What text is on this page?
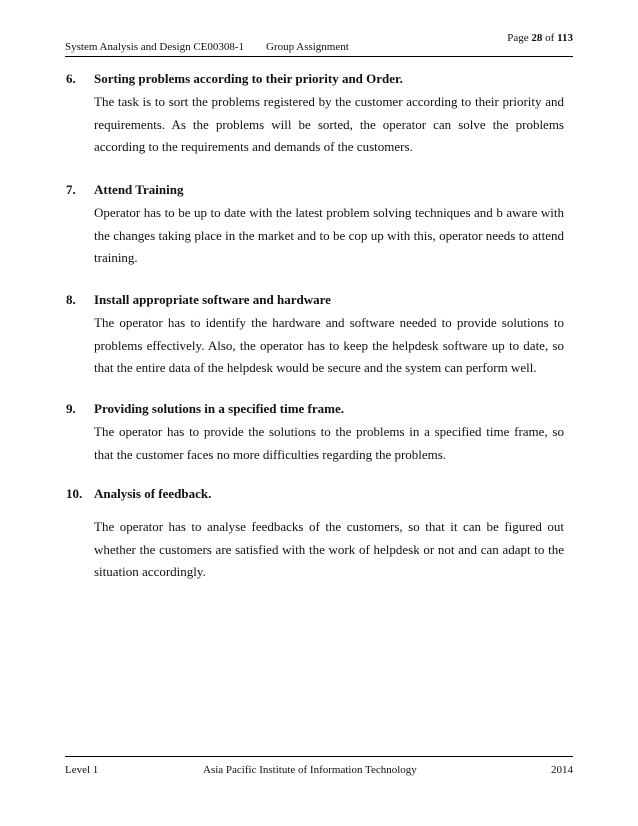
System Analysis and Design CE00308-1 Group Assignment
Page 28 of 113
6. Sorting problems according to their priority and Order.
The task is to sort the problems registered by the customer according to their priority and requirements. As the problems will be sorted, the operator can solve the problems according to the requirements and demands of the customers.
7. Attend Training
Operator has to be up to date with the latest problem solving techniques and b aware with the changes taking place in the market and to be cop up with this, operator needs to attend training.
8. Install appropriate software and hardware
The operator has to identify the hardware and software needed to provide solutions to problems effectively. Also, the operator has to keep the helpdesk software up to date, so that the entire data of the helpdesk would be secure and the system can perform well.
9. Providing solutions in a specified time frame.
The operator has to provide the solutions to the problems in a specified time frame, so that the customer faces no more difficulties regarding the problems.
10. Analysis of feedback.
The operator has to analyse feedbacks of the customers, so that it can be figured out whether the customers are satisfied with the work of helpdesk or not and can adapt to the situation accordingly.
Level 1	Asia Pacific Institute of Information Technology	2014
